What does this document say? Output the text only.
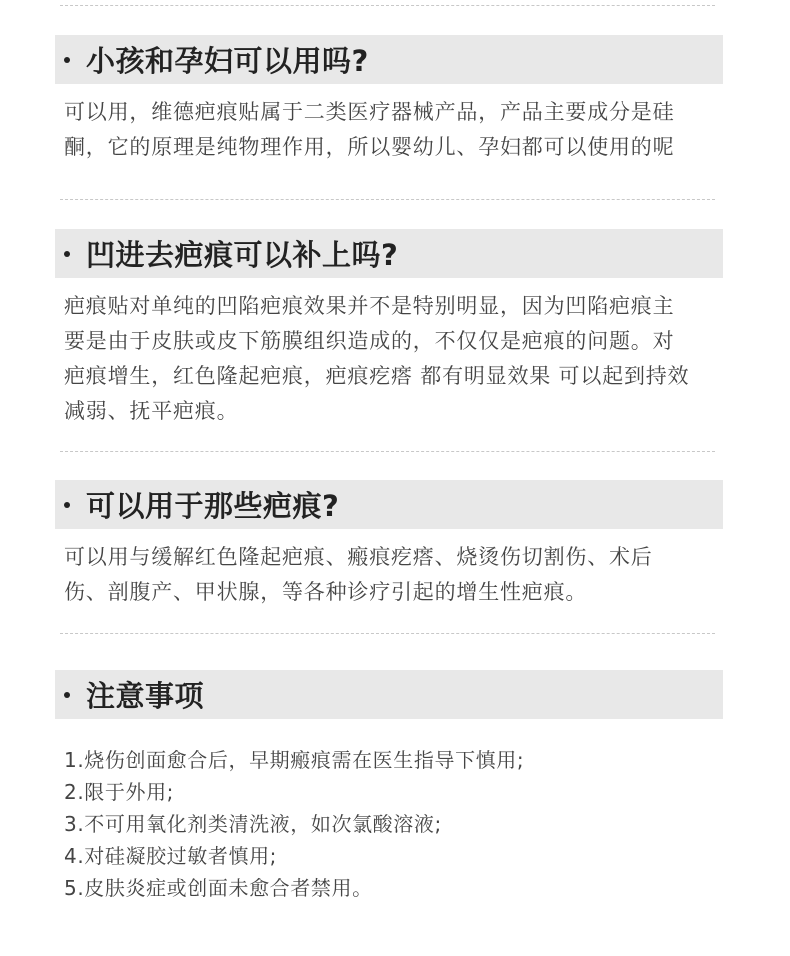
小孩和孕妇可以用吗?
可以用，维德疤痕贴属于二类医疗器械产品，产品主要成分是硅
酮，它的原理是纯物理作用，所以婴幼儿、孕妇都可以使用的呢
凹进去疤痕可以补上吗?
疤痕贴对单纯的凹陷疤痕效果并不是特别明显，因为凹陷疤痕主
要是由于皮肤或皮下筋膜组织造成的，不仅仅是疤痕的问题。对
疤痕增生，红色隆起疤痕，疤痕疙瘩 都有明显效果 可以起到持效
减弱、抚平疤痕。
可以用于那些疤痕?
可以用与缓解红色隆起疤痕、瘢痕疙瘩、烧烫伤切割伤、术后
伤、剖腹产、甲状腺，等各种诊疗引起的增生性疤痕。
注意事项
1.烧伤创面愈合后，早期瘢痕需在医生指导下慎用;
2.限于外用;
3.不可用氧化剂类清洗液，如次氯酸溶液;
4.对硅凝胶过敏者慎用;
5.皮肤炎症或创面未愈合者禁用。
